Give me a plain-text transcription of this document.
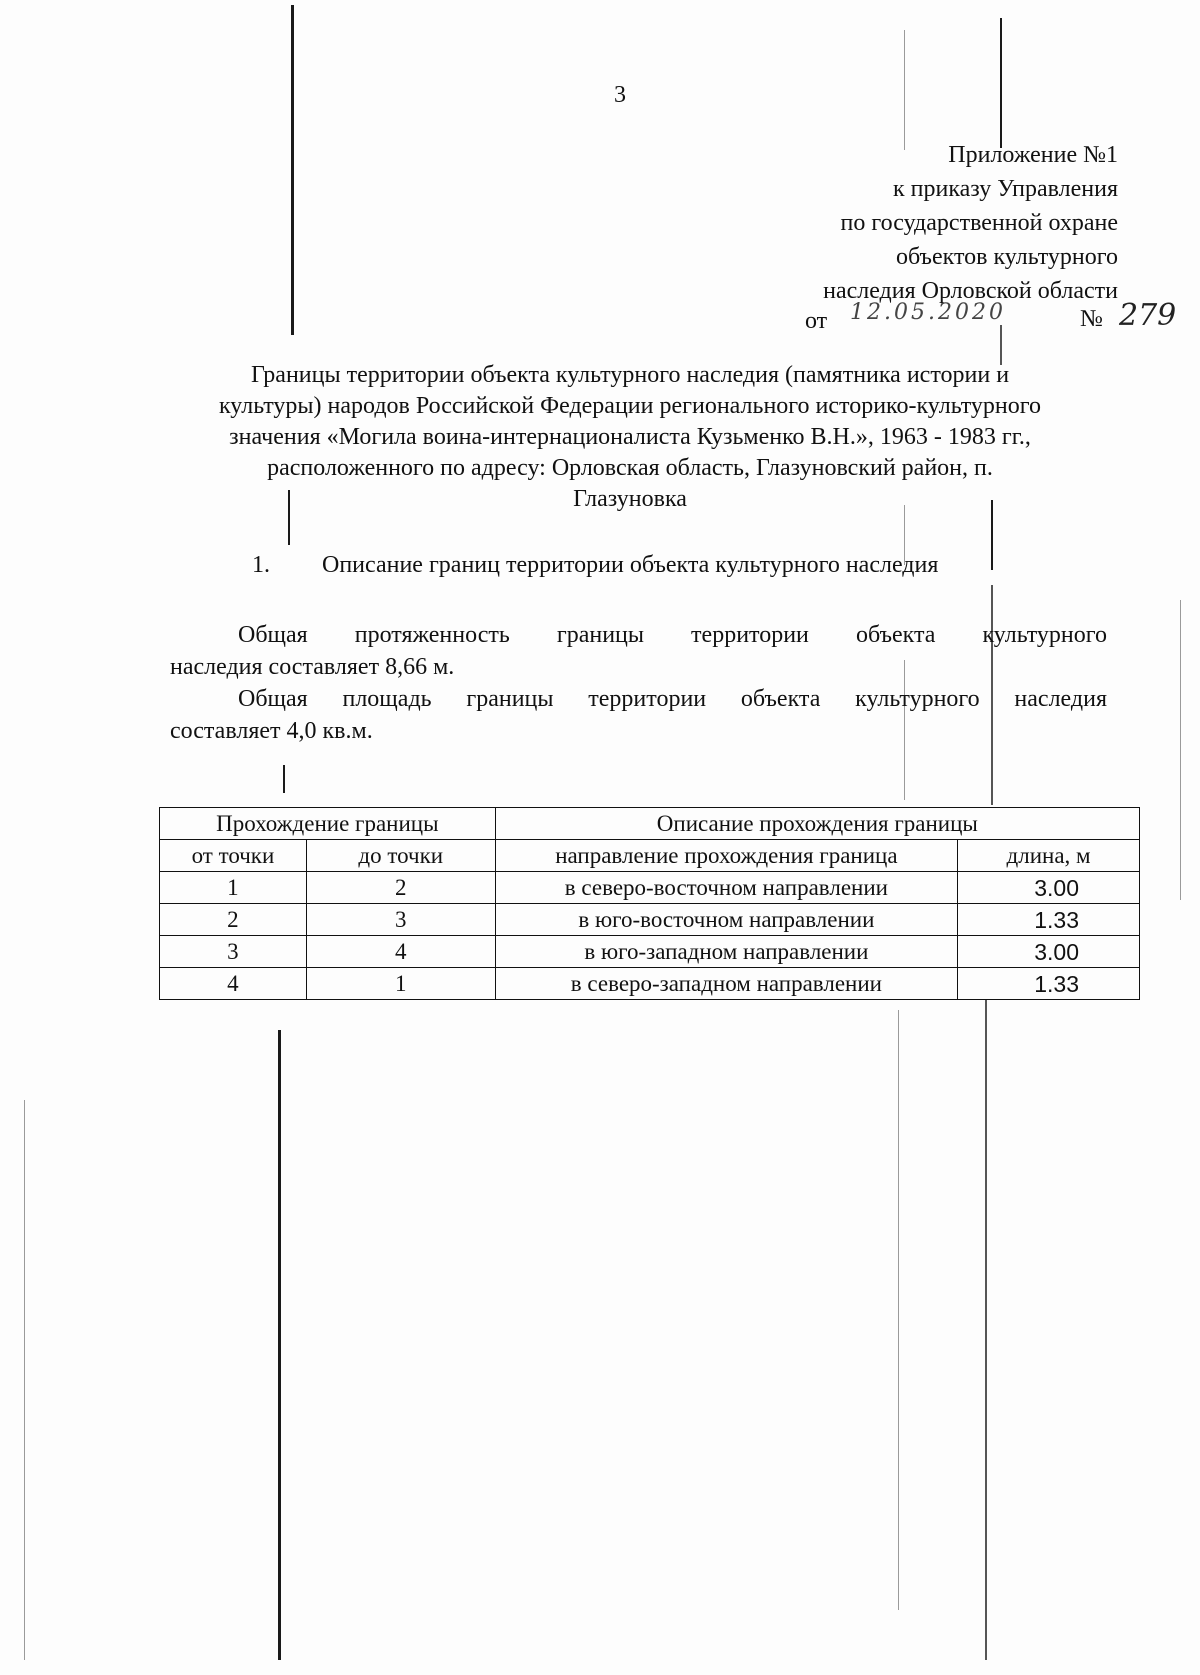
3
Приложение №1
к приказу Управления
по государственной охране
объектов культурного
наследия Орловской области
от 12.05.2020	№ 279
Границы территории объекта культурного наследия (памятника истории и
культуры) народов Российской Федерации регионального историко-культурного
значения «Могила воина-интернационалиста Кузьменко В.Н.», 1963 - 1983 гг.,
расположенного по адресу: Орловская область, Глазуновский район, п.
Глазуновка
1. Описание границ территории объекта культурного наследия
Общая протяженность границы территории объекта культурного
наследия составляет 8,66 м.
Общая площадь границы территории объекта культурного наследия
составляет 4,0 кв.м.
Прохождение границы		Описание прохождения границы	
от точки	до точки	направление прохождения граница	длина, м
1	2	в северо-восточном направлении	3.00
2	3	в юго-восточном направлении	1.33
3	4	в юго-западном направлении	3.00
4	1	в северо-западном направлении	1.33
